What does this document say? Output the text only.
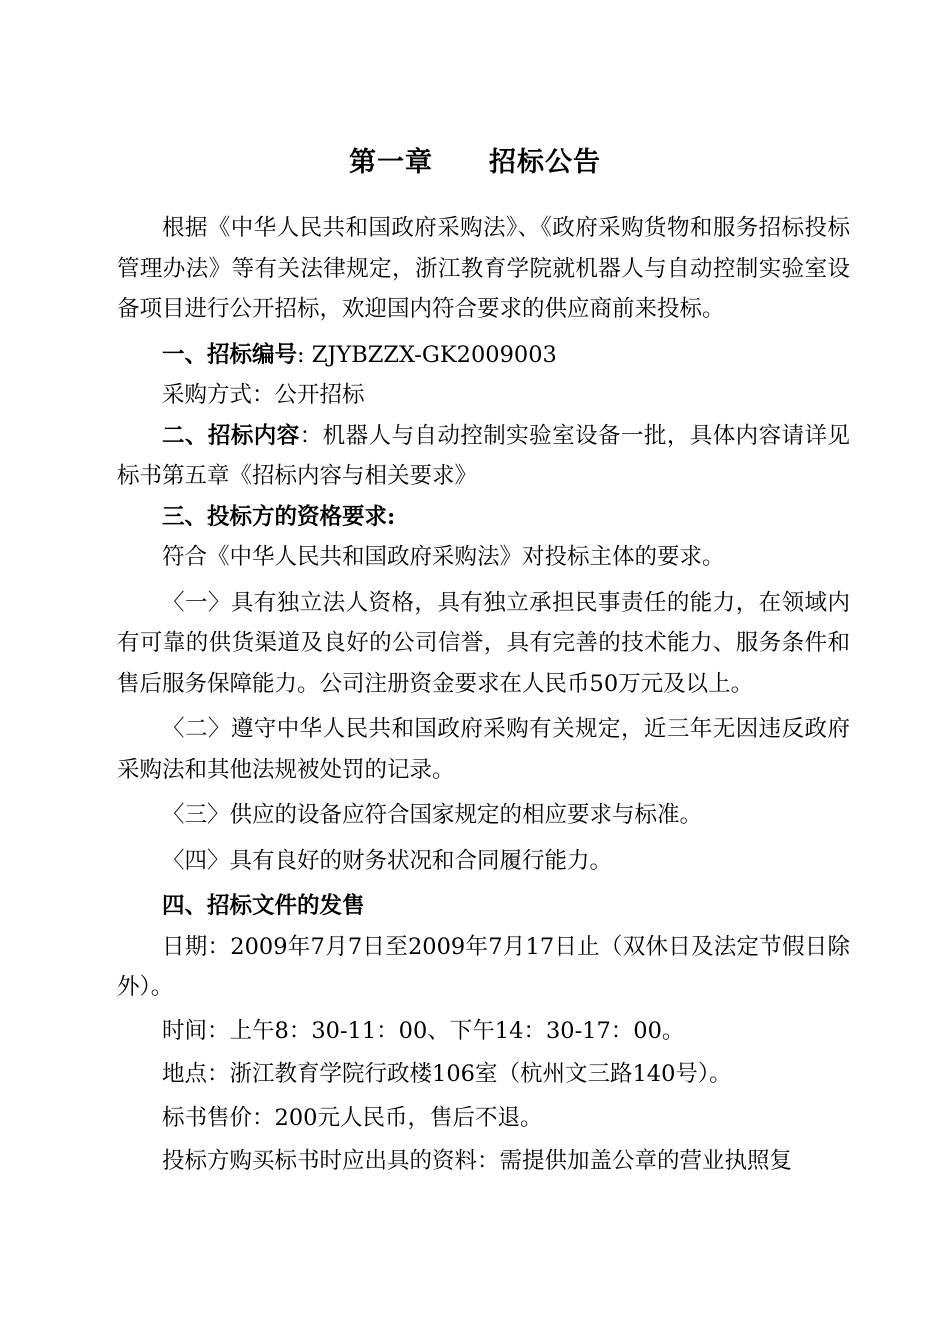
第一章 招标公告

根据《中华人民共和国政府采购法》、《政府采购货物和服务招标投标管理办法》等有关法律规定，浙江教育学院就机器人与自动控制实验室设备项目进行公开招标，欢迎国内符合要求的供应商前来投标。

一、招标编号: ZJYBZZX-GK2009003

采购方式：公开招标

二、招标内容：机器人与自动控制实验室设备一批，具体内容请详见标书第五章《招标内容与相关要求》

三、投标方的资格要求:

符合《中华人民共和国政府采购法》对投标主体的要求。

〈一〉具有独立法人资格，具有独立承担民事责任的能力，在领域内有可靠的供货渠道及良好的公司信誉，具有完善的技术能力、服务条件和售后服务保障能力。公司注册资金要求在人民币50万元及以上。

〈二〉遵守中华人民共和国政府采购有关规定，近三年无因违反政府采购法和其他法规被处罚的记录。

〈三〉供应的设备应符合国家规定的相应要求与标准。

〈四〉具有良好的财务状况和合同履行能力。

四、招标文件的发售

日期：2009年7月7日至2009年7月17日止（双休日及法定节假日除外）。

时间：上午8：30-11：00、下午14：30-17：00。

地点：浙江教育学院行政楼106室（杭州文三路140号）。

标书售价：200元人民币，售后不退。

投标方购买标书时应出具的资料：需提供加盖公章的营业执照复
